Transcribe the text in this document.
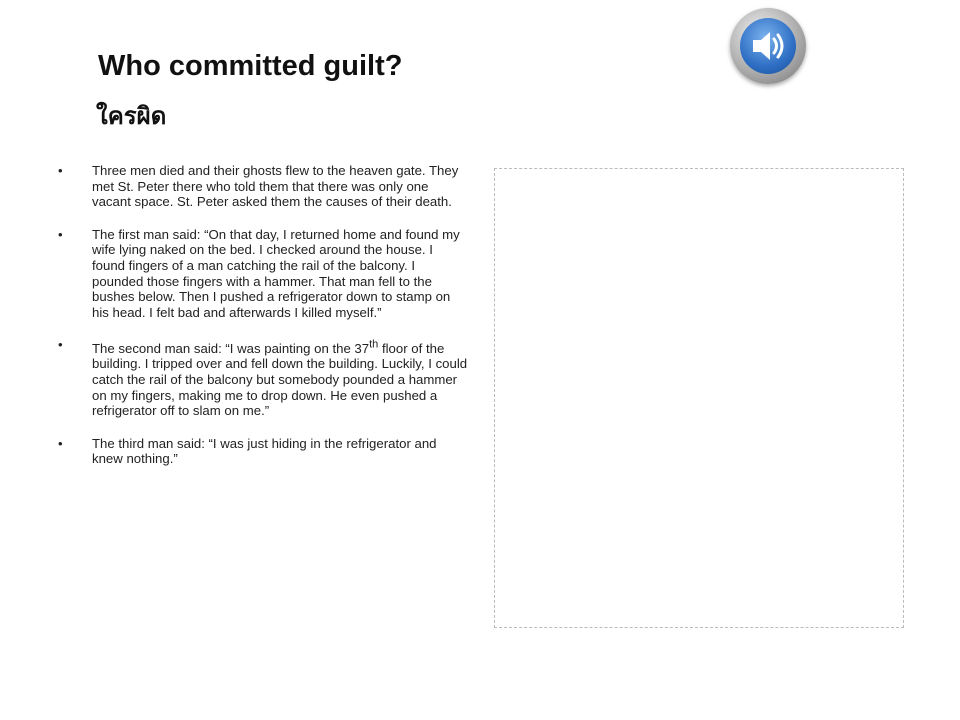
Who committed guilt?
ใครผิด
• Three men died and their ghosts flew to the heaven gate. They met St. Peter there who told them that there was only one vacant space. St. Peter asked them the causes of their death.
• The first man said: “On that day, I returned home and found my wife lying naked on the bed. I checked around the house. I found fingers of a man catching the rail of the balcony. I pounded those fingers with a hammer. That man fell to the bushes below. Then I pushed a refrigerator down to stamp on his head. I felt bad and afterwards I killed myself.”
• The second man said: “I was painting on the 37th floor of the building. I tripped over and fell down the building. Luckily, I could catch the rail of the balcony but somebody pounded a hammer on my fingers, making me to drop down. He even pushed a refrigerator off to slam on me.”
• The third man said: “I was just hiding in the refrigerator and knew nothing.”
